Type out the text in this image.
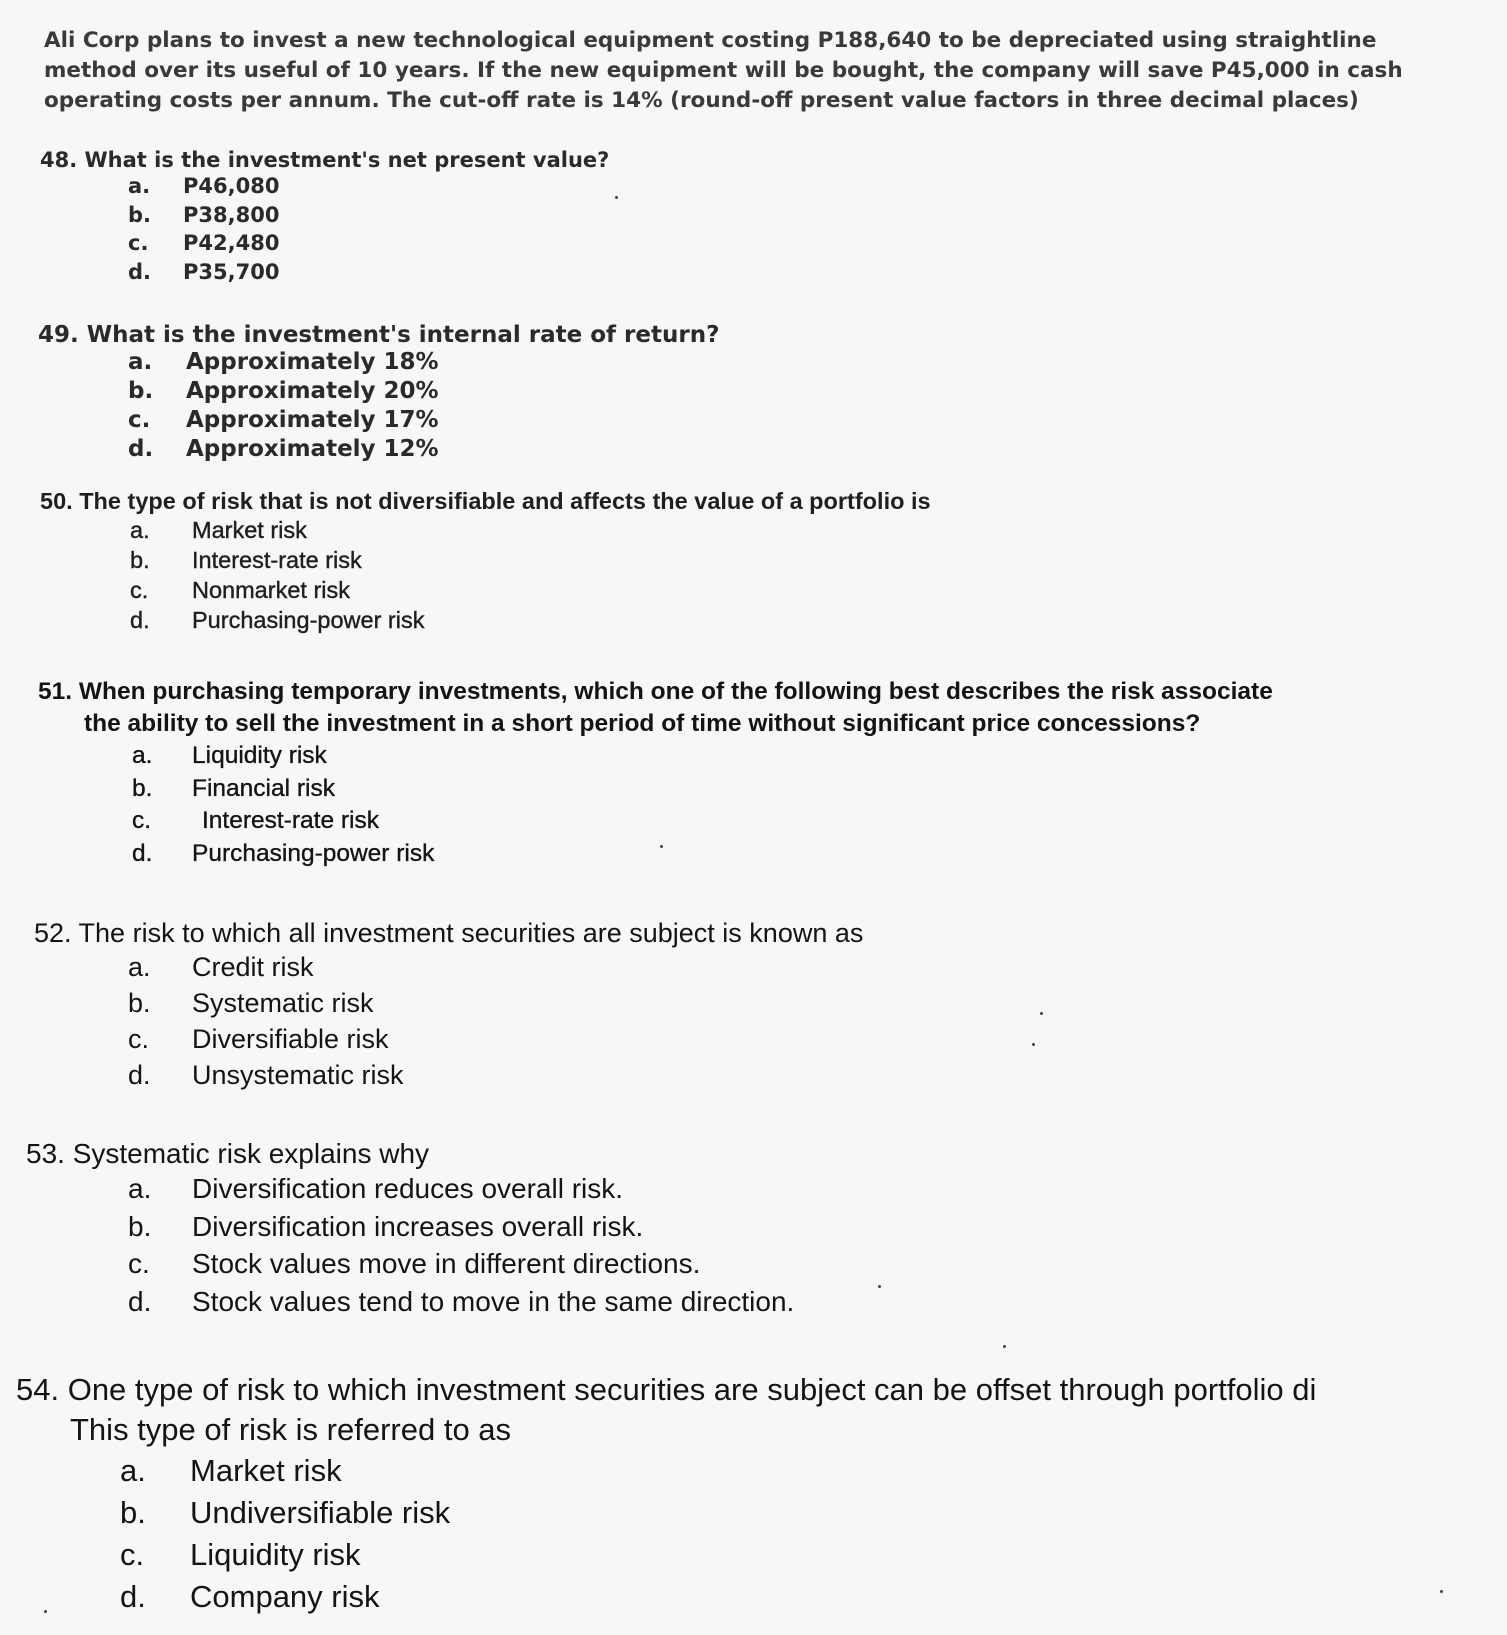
Ali Corp plans to invest a new technological equipment costing P188,640 to be depreciated using straightline
method over its useful of 10 years. If the new equipment will be bought, the company will save P45,000 in cash
operating costs per annum. The cut-off rate is 14% (round-off present value factors in three decimal places)
48. What is the investment's net present value?
a.	P46,080
b.	P38,800
c.	P42,480
d.	P35,700
49. What is the investment's internal rate of return?
a.	Approximately 18%
b.	Approximately 20%
c.	Approximately 17%
d.	Approximately 12%
50. The type of risk that is not diversifiable and affects the value of a portfolio is
a.	Market risk
b.	Interest-rate risk
c.	Nonmarket risk
d.	Purchasing-power risk
51. When purchasing temporary investments, which one of the following best describes the risk associate
the ability to sell the investment in a short period of time without significant price concessions?
a.	Liquidity risk
b.	Financial risk
c.	Interest-rate risk
d.	Purchasing-power risk
52. The risk to which all investment securities are subject is known as
a.	Credit risk
b.	Systematic risk
c.	Diversifiable risk
d.	Unsystematic risk
53. Systematic risk explains why
a.	Diversification reduces overall risk.
b.	Diversification increases overall risk.
c.	Stock values move in different directions.
d.	Stock values tend to move in the same direction.
54. One type of risk to which investment securities are subject can be offset through portfolio di
This type of risk is referred to as
a.	Market risk
b.	Undiversifiable risk
c.	Liquidity risk
d.	Company risk
